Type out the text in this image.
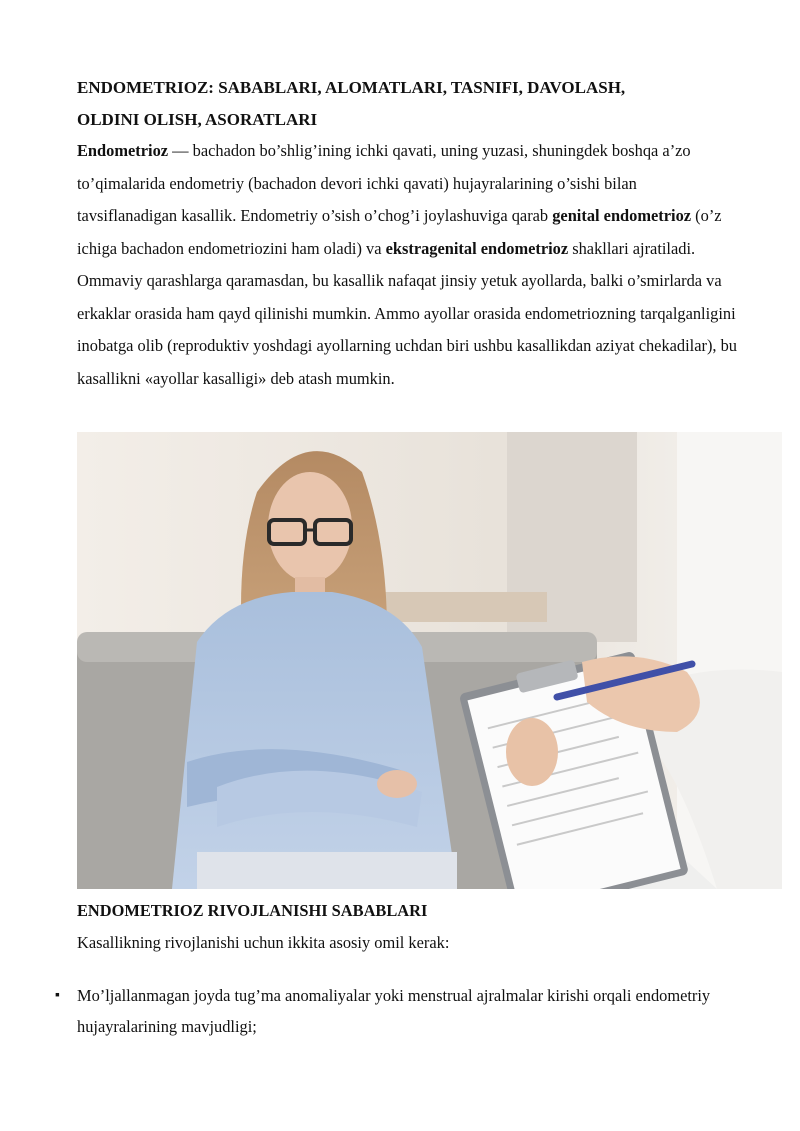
ENDOMETRIOZ: SABABLARI, ALOMATLARI, TASNIFI, DAVOLASH,
OLDINI OLISH, ASORATLARI

Endometrioz — bachadon bo’shlig’ining ichki qavati, uning yuzasi, shuningdek boshqa a’zo to’qimalarida endometriy (bachadon devori ichki qavati) hujayralarining o’sishi bilan tavsiflanadigan kasallik. Endometriy o’sish o’chog’i joylashuviga qarab genital endometrioz (o’z ichiga bachadon endometriozini ham oladi) va ekstragenital endometrioz shakllari ajratiladi. Ommaviy qarashlarga qaramasdan, bu kasallik nafaqat jinsiy yetuk ayollarda, balki o’smirlarda va erkaklar orasida ham qayd qilinishi mumkin. Ammo ayollar orasida endometriozning tarqalganligini inobatga olib (reproduktiv yoshdagi ayollarning uchdan biri ushbu kasallikdan aziyat chekadilar), bu kasallikni «ayollar kasalligi» deb atash mumkin.

ENDOMETRIOZ RIVOJLANISHI SABABLARI

Kasallikning rivojlanishi uchun ikkita asosiy omil kerak:

▪ Mo’ljallanmagan joyda tug’ma anomaliyalar yoki menstrual ajralmalar kirishi orqali endometriy hujayralarining mavjudligi;
